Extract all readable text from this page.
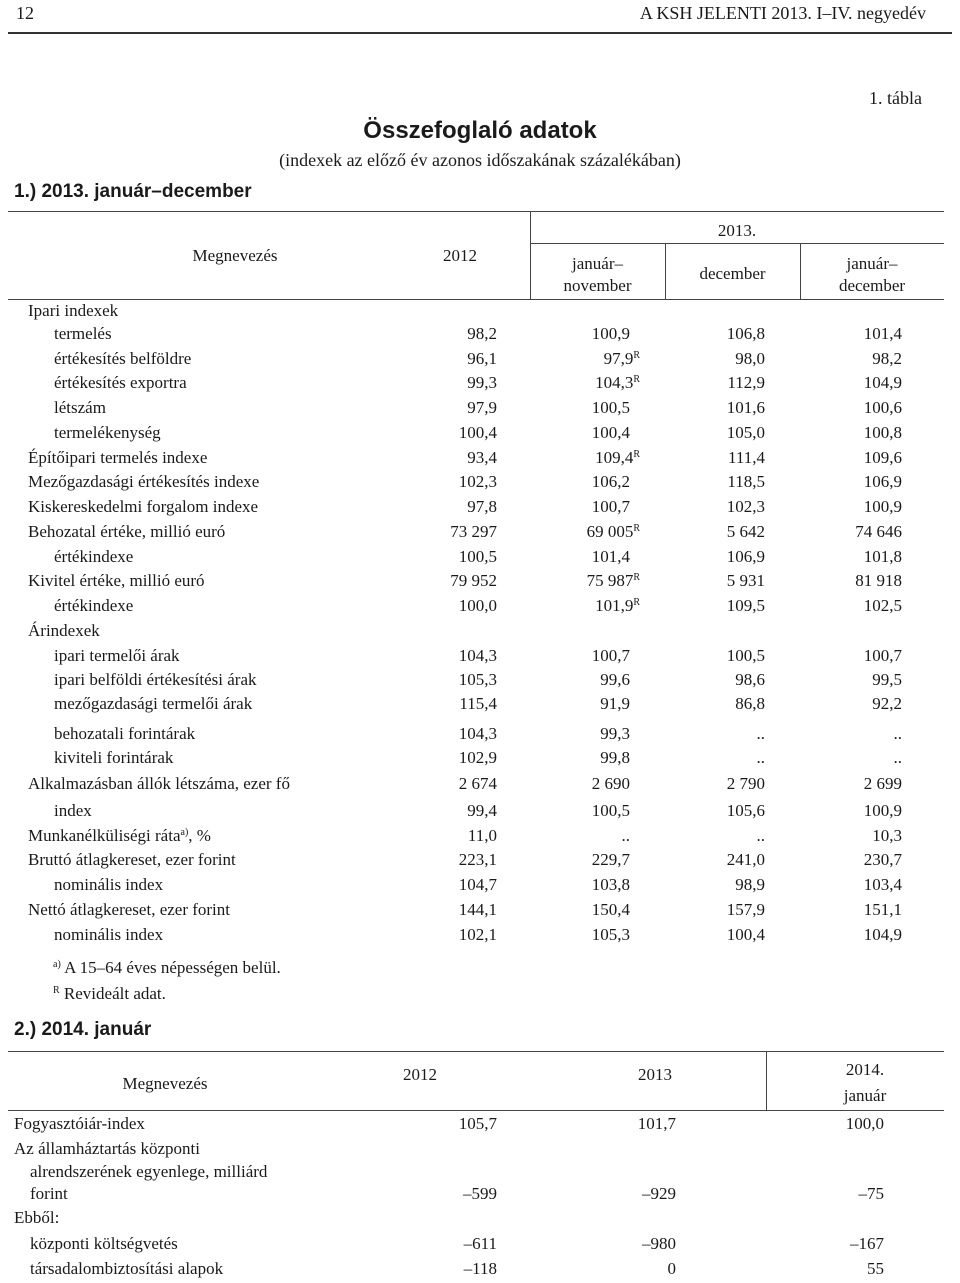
12	A KSH JELENTI 2013. I–IV. negyedév
1. tábla
Összefoglaló adatok
(indexek az előző év azonos időszakának százalékában)
1.) 2013. január–december
Megnevezés	2012
2013.
január–
november
december
január–
december
Ipari indexek
termelés	98,2	100,9	106,8	101,4
értékesítés belföldre	96,1	$97,9^R$	98,0	98,2
értékesítés exportra	99,3	$104,3^R$	112,9	104,9
létszám	97,9	100,5	101,6	100,6
termelékenység	100,4	100,4	105,0	100,8
Építőipari termelés indexe	93,4	$109,4^R$	111,4	109,6
Mezőgazdasági értékesítés indexe	102,3	106,2	118,5	106,9
Kiskereskedelmi forgalom indexe	97,8	100,7	102,3	100,9
Behozatal értéke, millió euró	73 297	69 $005^R$	5 642	74 646
értékindexe	100,5	101,4	106,9	101,8
Kivitel értéke, millió euró	79 952	75 $987^R$	5 931	81 918
értékindexe	100,0	$101,9^R$	109,5	102,5
Árindexek
ipari termelői árak	104,3	100,7	100,5	100,7
ipari belföldi értékesítési árak	105,3	99,6	98,6	99,5
mezőgazdasági termelői árak	115,4	91,9	86,8	92,2
behozatali forintárak	104,3	99,3	..	..
kiviteli forintárak	102,9	99,8	..	..
Alkalmazásban állók létszáma, ezer fő	2 674	2 690	2 790	2 699
index	99,4	100,5	105,6	100,9
Munkanélküliségi ráta$^{a)}$, %	11,0	..	..	10,3
Bruttó átlagkereset, ezer forint	223,1	229,7	241,0	230,7
nominális index	104,7	103,8	98,9	103,4
Nettó átlagkereset, ezer forint	144,1	150,4	157,9	151,1
nominális index	102,1	105,3	100,4	104,9
$^{a)}$ A 15–64 éves népességen belül.
$^R$ Revideált adat.
2.) 2014. január
Megnevezés	2012	2013	2014.
január
Fogyasztóiár-index	105,7	101,7	100,0
Az államháztartás központi
alrendszerének egyenlege, milliárd
forint	–599	–929	–75
Ebből:
központi költségvetés	–611	–980	–167
társadalombiztosítási alapok	–118	0	55
